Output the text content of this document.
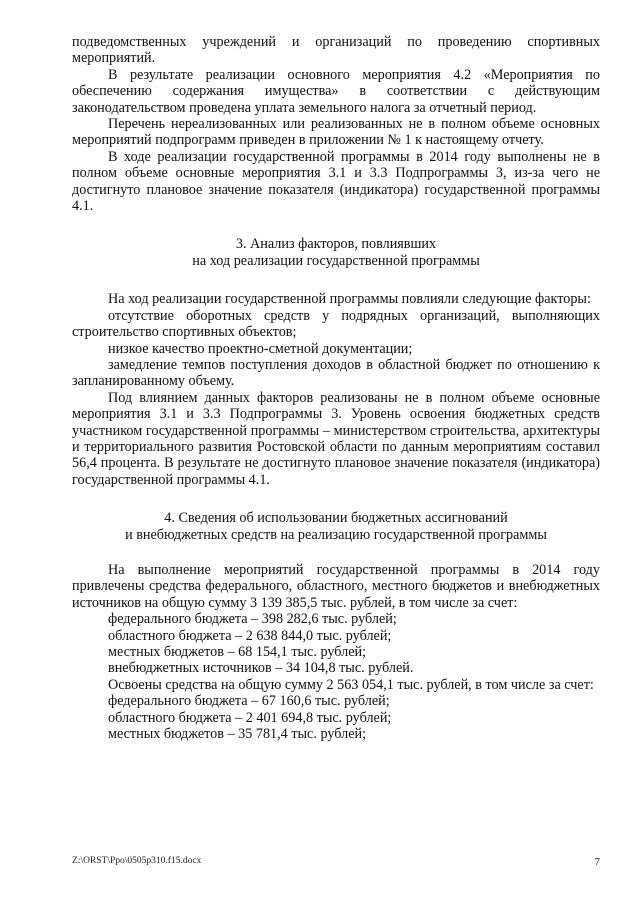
подведомственных учреждений и организаций по проведению спортивных мероприятий.

В результате реализации основного мероприятия 4.2 «Мероприятия по обеспечению содержания имущества» в соответствии с действующим законодательством проведена уплата земельного налога за отчетный период.

Перечень нереализованных или реализованных не в полном объеме основных мероприятий подпрограмм приведен в приложении № 1 к настоящему отчету.

В ходе реализации государственной программы в 2014 году выполнены не в полном объеме основные мероприятия 3.1 и 3.3 Подпрограммы 3, из-за чего не достигнуто плановое значение показателя (индикатора) государственной программы 4.1.

3. Анализ факторов, повлиявших
на ход реализации государственной программы

На ход реализации государственной программы повлияли следующие факторы:

отсутствие оборотных средств у подрядных организаций, выполняющих строительство спортивных объектов;

низкое качество проектно-сметной документации;

замедление темпов поступления доходов в областной бюджет по отношению к запланированному объему.

Под влиянием данных факторов реализованы не в полном объеме основные мероприятия 3.1 и 3.3 Подпрограммы 3. Уровень освоения бюджетных средств участником государственной программы – министерством строительства, архитектуры и территориального развития Ростовской области по данным мероприятиям составил 56,4 процента. В результате не достигнуто плановое значение показателя (индикатора) государственной программы 4.1.

4. Сведения об использовании бюджетных ассигнований
и внебюджетных средств на реализацию государственной программы

На выполнение мероприятий государственной программы в 2014 году привлечены средства федерального, областного, местного бюджетов и внебюджетных источников на общую сумму 3 139 385,5 тыс. рублей, в том числе за счет:

федерального бюджета – 398 282,6 тыс. рублей;

областного бюджета – 2 638 844,0 тыс. рублей;

местных бюджетов – 68 154,1 тыс. рублей;

внебюджетных источников – 34 104,8 тыс. рублей.

Освоены средства на общую сумму 2 563 054,1 тыс. рублей, в том числе за счет:

федерального бюджета – 67 160,6 тыс. рублей;

областного бюджета – 2 401 694,8 тыс. рублей;

местных бюджетов – 35 781,4 тыс. рублей;

Z:\ORST\Ppo\0505p310.f15.docx	7
